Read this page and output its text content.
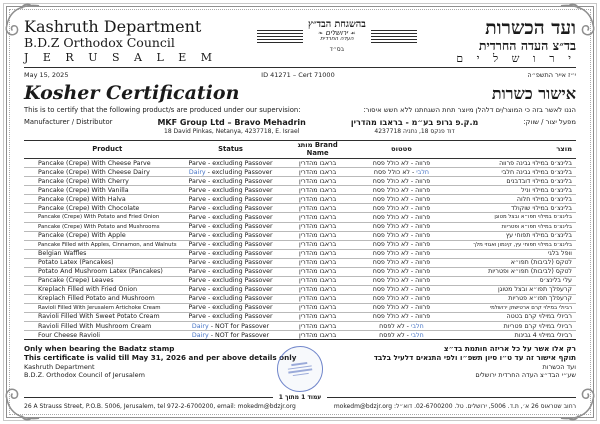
Kashruth Department
B.D.Z Orthodox Council
J E R U S A L E M
בהשגחת הבד״ץ
❧ ירושלים ☙
העדה החרדית
בס״ד
ועד הכשרות
בד״צ העדה החרדית
י ר ו ש ל י ם
May 15, 2025	ID 41271 – Cert 71000	י״ז אייר התשפ״ה
Kosher Certification	אישור כשרות
This is to certify that the following product/s are produced under our supervision:	הננו לאשר בזה כי המוצר/ים דלהלן מיוצר תחת השגחתנו ללא חשש איסור:
Manufacturer / Distributor	MKF Group Ltd – Bravo Mehadrin
18 David Pinkas, Netanya, 4237718, E. Israel
מ.ק.פ גרופ בע״מ - בראבו מהדרין
דוד פנקס 18, נתניה 4237718
מפעל יצור / שווק:
Product	Status	Brand מותג
Name	סטטוס	מוצר
Pancake (Crepe) With Cheese Parve	Parve - excluding Passover	בראבו מהדרין	פרווה - לא כולל פסח	בלינצ׳ס במילוי גבינה פרווה
Pancake (Crepe) With Cheese Dairy	Dairy - excluding Passover	בראבו מהדרין	חלבי - לא כולל פסח	בלינצ׳ס במילוי גבינה חלבי
Pancake (Crepe) With Cherry	Parve - excluding Passover	בראבו מהדרין	פרווה - לא כולל פסח	בלינצ׳ס במילוי דובדבנים
Pancake (Crepe) With Vanilla	Parve - excluding Passover	בראבו מהדרין	פרווה - לא כולל פסח	בלינצ׳ס במילוי וניל
Pancake (Crepe) With Halva	Parve - excluding Passover	בראבו מהדרין	פרווה - לא כולל פסח	בלינצ׳ס במילוי חלוה
Pancake (Crepe) With Chocolate	Parve - excluding Passover	בראבו מהדרין	פרווה - לא כולל פסח	בלינצ׳ס במילוי שוקולד
Pancake (Crepe) With Potato and Fried Onion	Parve - excluding Passover	בראבו מהדרין	פרווה - לא כולל פסח	בלינצ׳ס במילוי תפו״א ובצל מטוגן
Pancake (Crepe) With Potato and Mushrooms	Parve - excluding Passover	בראבו מהדרין	פרווה - לא כולל פסח	בלינצ׳ס במילוי תפו״א ופטריות
Pancake (Crepe) With Apple	Parve - excluding Passover	בראבו מהדרין	פרווה - לא כולל פסח	בלינצ׳ס במילוי תפוחי עץ
Pancake Filled with Apples, Cinnamon, and Walnuts	Parve - excluding Passover	בראבו מהדרין	פרווה - לא כולל פסח	בלינצ׳ס במילוי תפוחי עץ, קינמון ואגוזי מלך
Belgian Waffles	Parve - excluding Passover	בראבו מהדרין	פרווה - לא כולל פסח	וופל בלגי
Potato Latex (Pancakes)	Parve - excluding Passover	בראבו מהדרין	פרווה - לא כולל פסח	לטקס (לביבות) תפו״א
Potato And Mushroom Latex (Pancakes)	Parve - excluding Passover	בראבו מהדרין	פרווה - לא כולל פסח	לטקס (לביבות) תפו״א ופטריות
Pancake (Crepe) Leaves	Parve - excluding Passover	בראבו מהדרין	פרווה - לא כולל פסח	עלי בלינצ׳ס
Kreplach Filled with Fried Onion	Parve - excluding Passover	בראבו מהדרין	פרווה - לא כולל פסח	קרעפלך תפו״א ובצל מטוגן
Kreplach Filled Potato and Mushroom	Parve - excluding Passover	בראבו מהדרין	פרווה - לא כולל פסח	קרעפלך תפו״א פטריות
Ravioli Filled With Jerusalem Artichoke Cream	Parve - excluding Passover	בראבו מהדרין	פרווה - לא כולל פסח	רביולי במילוי קרם ארטישוק ירושלמי
Ravioli Filled With Sweet Potato Cream	Parve - excluding Passover	בראבו מהדרין	פרווה - לא כולל פסח	רביולי במילוי קרם בטטה
Ravioli Filled With Mushroom Cream	Dairy - NOT for Passover	בראבו מהדרין	חלבי - לא לפסח	רביולי במילוי קרם פטריות
Four Cheese Ravioli	Dairy - NOT for Passover	בראבו מהדרין	חלבי - לא לפסח	רביולי במילוי 4 גבינות
Only when bearing the Badatz stamp
This certificate is valid till May 31, 2026 and per above details only
Kashruth Department
B.D.Z. Orthodox Council of Jerusalem
רק אלו אשר על כל אריזה חותמת בד״צ
תוקף אישור זה עד ט״ו סיון תשפ״ו ולפי התנאים דלעיל בלבד
ועד הכשרות
שע״י הבד״צ העדה החרדית ירושלים
עמוד 1 מתוך 1
26 A Strauss Street, P.O.B. 5006, Jerusalem, tel 972-2-6700200, email: mokedm@bdzjr.org	רחוב שטראוס 26 א׳, ת.ד. 5006, ירושלים. טל. 02-6700200. דוא״ל: mokedm@bdzjr.org
